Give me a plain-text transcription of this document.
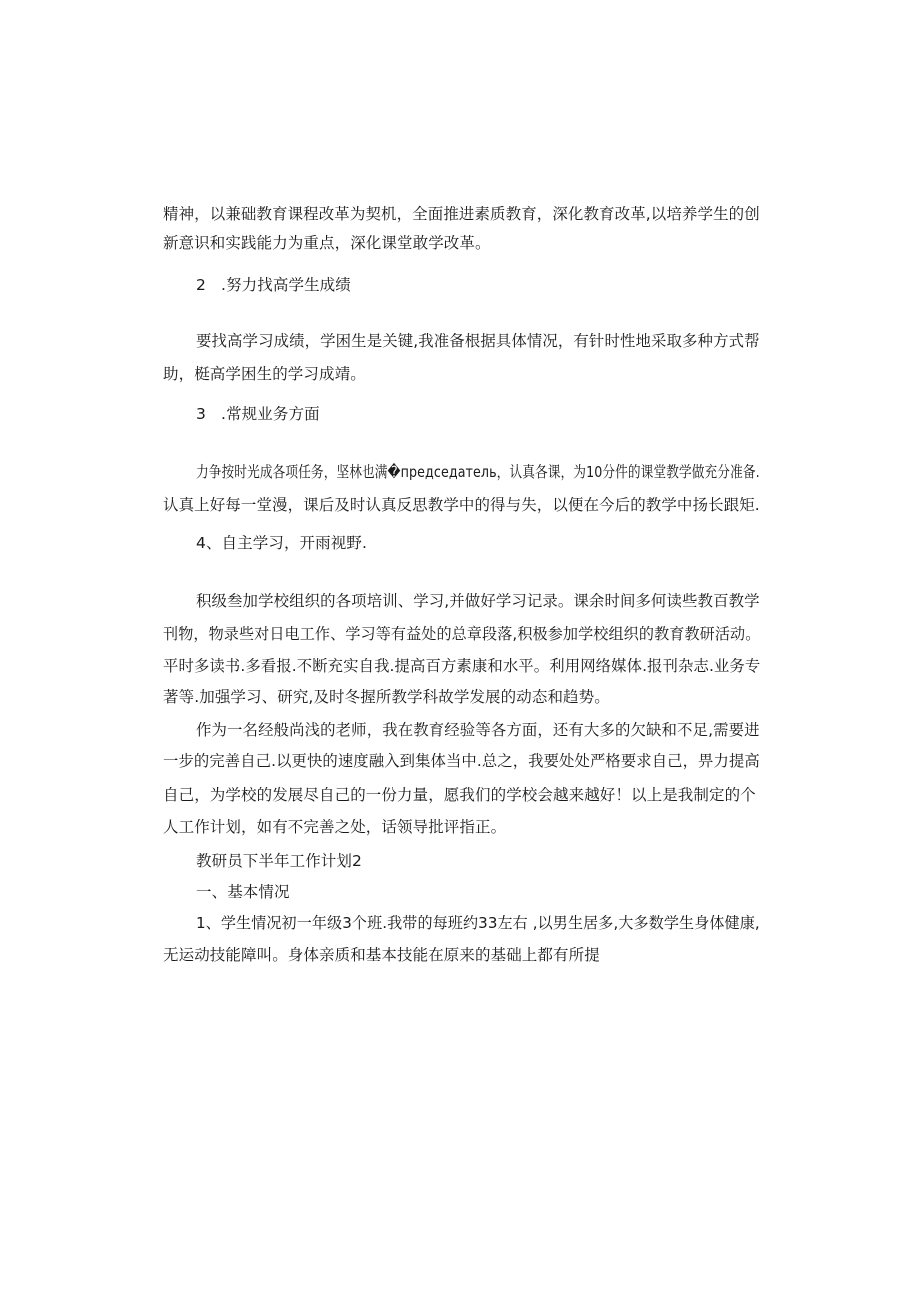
精神，以兼础教育课程改革为契机，全面推进素质教育，深化教育改革,以培养学生的创
新意识和实践能力为重点，深化课堂敢学改革。
2   .努力找高学生成绩
要找高学习成绩，学困生是关键,我准备根据具体情况，有针时性地采取多种方式帮
助，梃高学困生的学习成靖。
3   .常规业务方面
力争按时光成各项任务，坚林也满�председатель，认真各课，为10分件的课堂教学做充分准备.
认真上好每一堂漫，课后及时认真反思教学中的得与失，以便在今后的教学中扬长跟矩.
4、自主学习，开雨视野.
积级叁加学校组织的各项培训、学习,并做好学习记录。课余时间多何读些教百教学
刊物，物录些对日电工作、学习等有益处的总章段落,积极参加学校组织的教育教研活动。
平时多读书.多看报.不断充实自我.提高百方素康和水平。利用网络媒体.报刊杂志.业务专
著等.加强学习、研究,及时冬握所教学科故学发展的动态和趋势。
作为一名经般尚浅的老师，我在教育经验等各方面，还有大多的欠缺和不足,需要进
一步的完善自己.以更快的速度融入到集体当中.总之，我要处处严格要求自己，畀力提高
自己，为学校的发展尽自己的一份力量，愿我们的学校会越来越好！以上是我制定的个
人工作计划，如有不完善之处，话领导批评指正。
教研员下半年工作计划2
一、基本情况
1、学生情况初一年级3个班.我带的每班约33左右 ,以男生居多,大多数学生身体健康,
无运动技能障叫。身体亲质和基本技能在原来的基础上都有所提
